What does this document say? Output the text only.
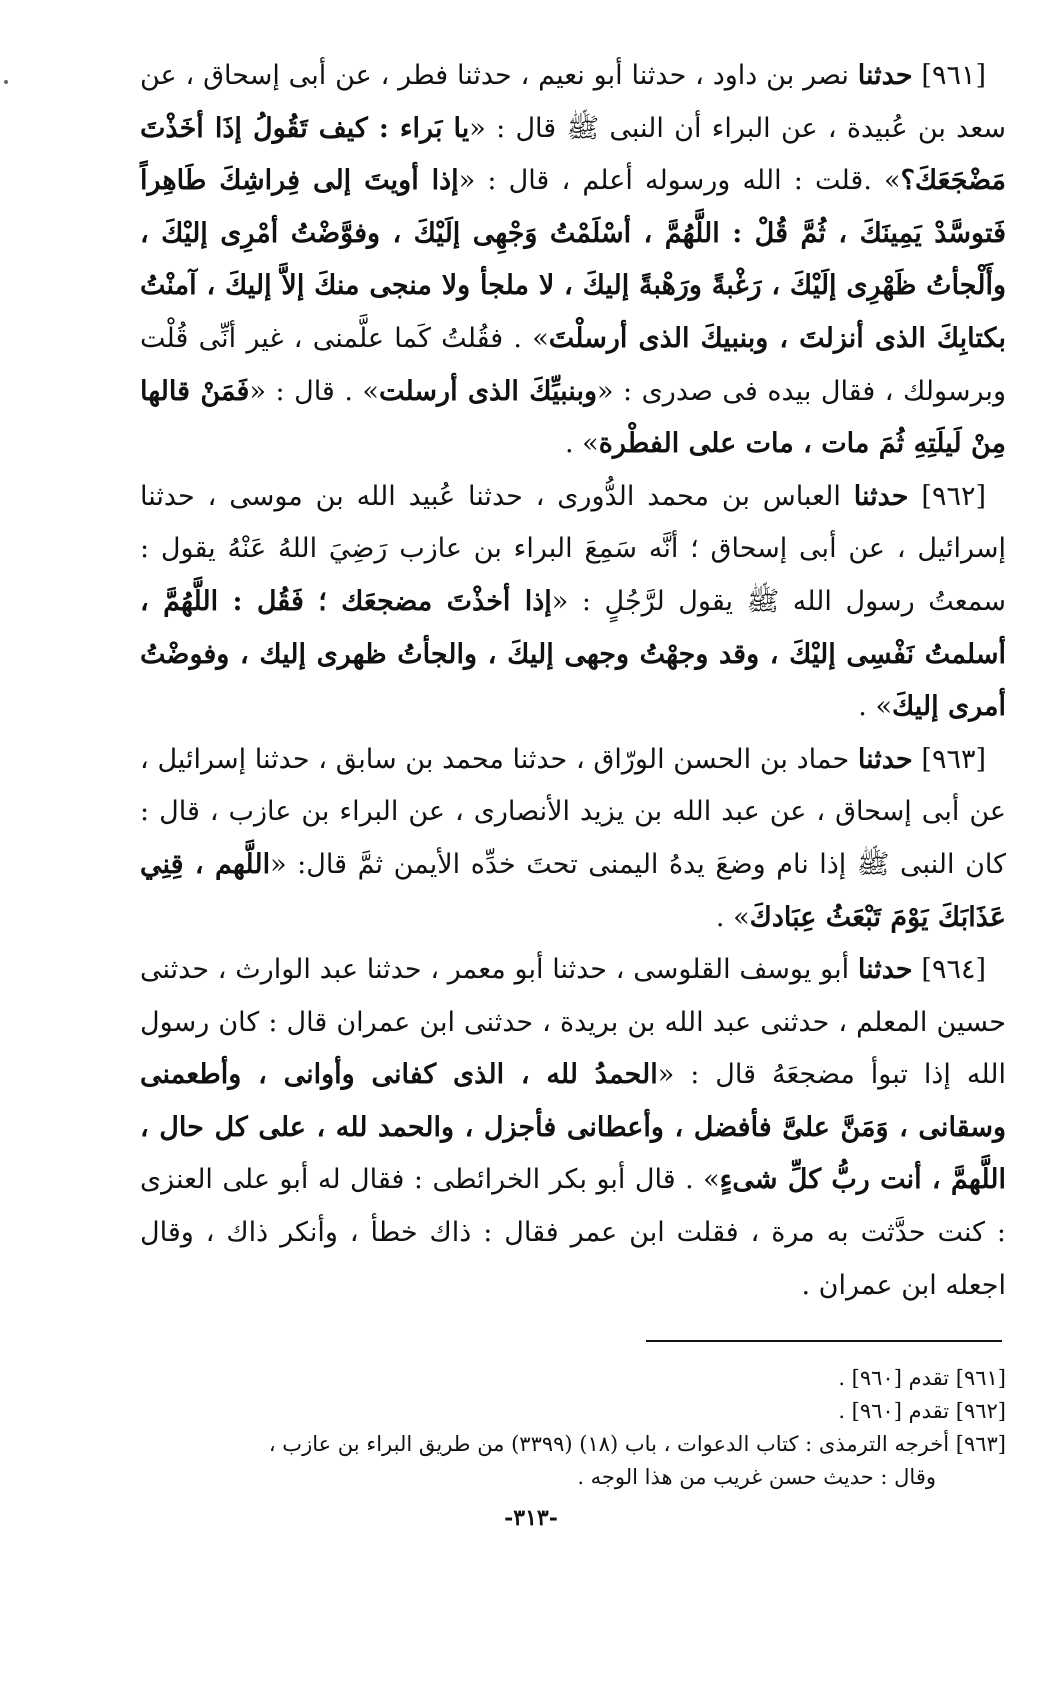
[٩٦١] حدثنا نصر بن داود ، حدثنا أبو نعيم ، حدثنا فطر ، عن أبى إسحاق ، عن سعد بن عُبيدة ، عن البراء أن النبى ﷺ قال : «يا بَراء : كيف تَقُولُ إذَا أخَذْتَ مَضْجَعَكَ؟» .قلت : الله ورسوله أعلم ، قال : «إذا أويتَ إلى فِراشِكَ طَاهِراً فَتوسَّدْ يَمِينَكَ ، ثُمَّ قُلْ : اللَّهُمَّ ، أسْلَمْتُ وَجْهِى إلَيْكَ ، وفوَّضْتُ أمْرِى إليْكَ ، وأَلْجأتُ ظَهْرِى إلَيْكَ ، رَغْبةً ورَهْبةً إليكَ ، لا ملجأ ولا منجى منكَ إلاَّ إليكَ ، آمنْتُ بكتابِكَ الذى أنزلتَ ، وبنبيكَ الذى أرسلْتَ» . فقُلتُ كَما علَّمنى ، غير أنِّى قُلْت وبرسولك ، فقال بيده فى صدرى : «وبنبيِّكَ الذى أرسلت» . قال : «فَمَنْ قالها مِنْ لَيلَتِهِ ثُمَ مات ، مات على الفطْرة» .

[٩٦٢] حدثنا العباس بن محمد الدُّورى ، حدثنا عُبيد الله بن موسى ، حدثنا إسرائيل ، عن أبى إسحاق ؛ أنَّه سَمِعَ البراء بن عازب رَضِيَ اللهُ عَنْهُ يقول : سمعتُ رسول الله ﷺ يقول لرَّجُلٍ : «إذا أخذْتَ مضجعَك ؛ فَقُل : اللَّهُمَّ ، أسلمتُ نَفْسِى إليْكَ ، وقد وجهْتُ وجهى إليكَ ، والجأتُ ظهرى إليك ، وفوضْتُ أمرى إليكَ» .

[٩٦٣] حدثنا حماد بن الحسن الورّاق ، حدثنا محمد بن سابق ، حدثنا إسرائيل ، عن أبى إسحاق ، عن عبد الله بن يزيد الأنصارى ، عن البراء بن عازب ، قال : كان النبى ﷺ إذا نام وضعَ يدهُ اليمنى تحتَ خدِّه الأيمن ثمَّ قال: «اللَّهم ، قِنِي عَذَابَكَ يَوْمَ تَبْعَثُ عِبَادكَ» .

[٩٦٤] حدثنا أبو يوسف القلوسى ، حدثنا أبو معمر ، حدثنا عبد الوارث ، حدثنى حسين المعلم ، حدثنى عبد الله بن بريدة ، حدثنى ابن عمران قال : كان رسول الله إذا تبوأ مضجعَهُ قال : «الحمدُ لله ، الذى كفانى وأوانى ، وأطعمنى وسقانى ، وَمَنَّ علىَّ فأفضل ، وأعطانى فأجزل ، والحمد لله ، على كل حال ، اللَّهمَّ ، أنت ربُّ كلِّ شىءٍ» . قال أبو بكر الخرائطى : فقال له أبو على العنزى : كنت حدَّثت به مرة ، فقلت ابن عمر فقال : ذاك خطأ ، وأنكر ذاك ، وقال اجعله ابن عمران .

[٩٦١] تقدم [٩٦٠] .
[٩٦٢] تقدم [٩٦٠] .
[٩٦٣] أخرجه الترمذى : كتاب الدعوات ، باب (١٨) (٣٣٩٩) من طريق البراء بن عازب ،
وقال : حديث حسن غريب من هذا الوجه .
-٣١٣-
